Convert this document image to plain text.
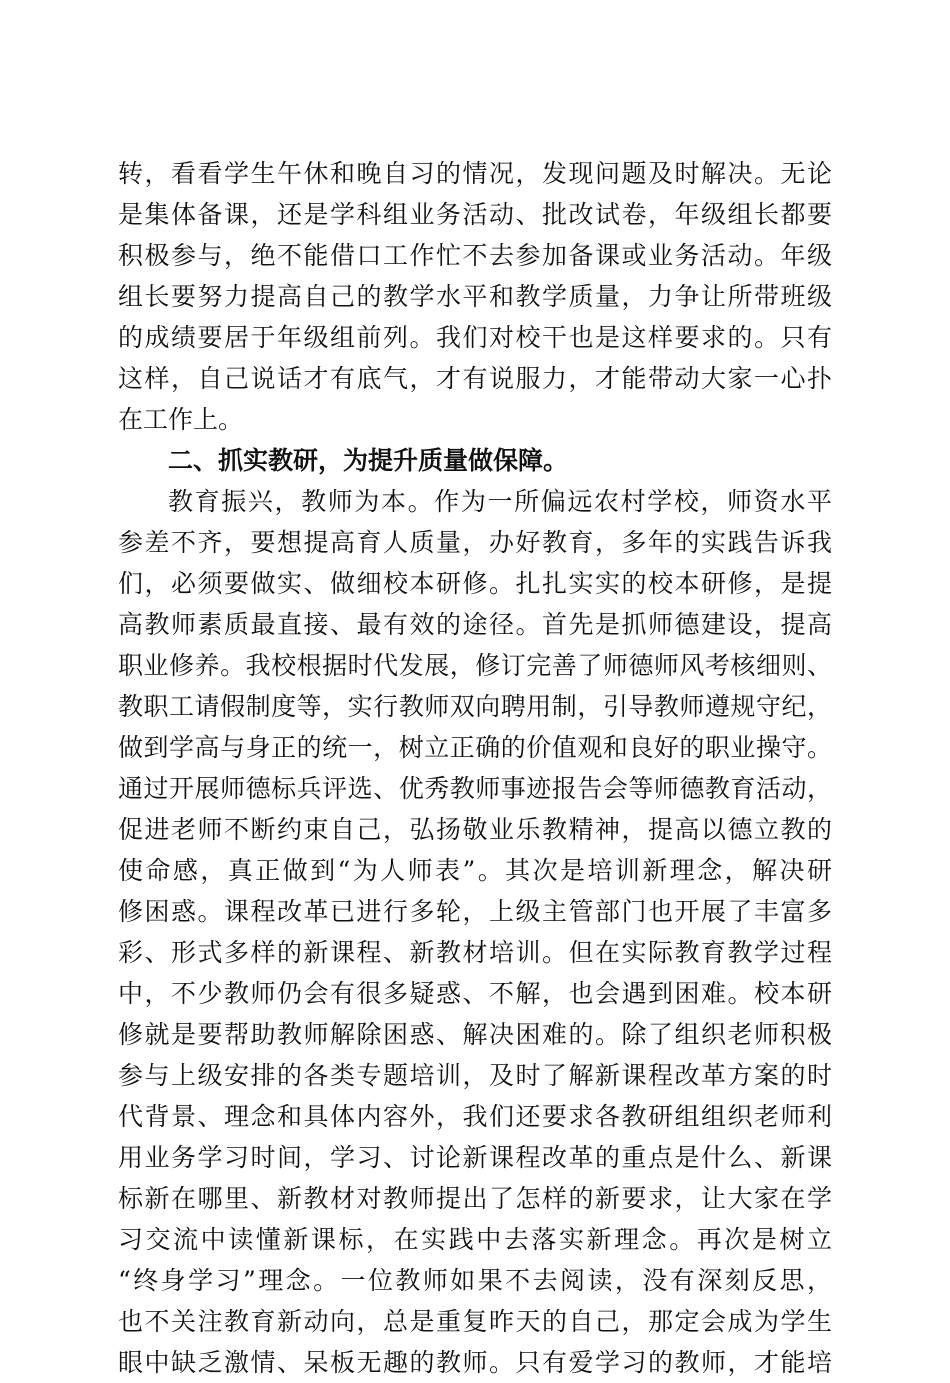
转，看看学生午休和晚自习的情况，发现问题及时解决。无论
是集体备课，还是学科组业务活动、批改试卷，年级组长都要
积极参与，绝不能借口工作忙不去参加备课或业务活动。年级
组长要努力提高自己的教学水平和教学质量，力争让所带班级
的成绩要居于年级组前列。我们对校干也是这样要求的。只有
这样，自己说话才有底气，才有说服力，才能带动大家一心扑
在工作上。
二、抓实教研，为提升质量做保障。
教育振兴，教师为本。作为一所偏远农村学校，师资水平
参差不齐，要想提高育人质量，办好教育，多年的实践告诉我
们，必须要做实、做细校本研修。扎扎实实的校本研修，是提
高教师素质最直接、最有效的途径。首先是抓师德建设，提高
职业修养。我校根据时代发展，修订完善了师德师风考核细则、
教职工请假制度等，实行教师双向聘用制，引导教师遵规守纪，
做到学高与身正的统一，树立正确的价值观和良好的职业操守。
通过开展师德标兵评选、优秀教师事迹报告会等师德教育活动，
促进老师不断约束自己，弘扬敬业乐教精神，提高以德立教的
使命感，真正做到“为人师表”。其次是培训新理念，解决研
修困惑。课程改革已进行多轮，上级主管部门也开展了丰富多
彩、形式多样的新课程、新教材培训。但在实际教育教学过程
中，不少教师仍会有很多疑惑、不解，也会遇到困难。校本研
修就是要帮助教师解除困惑、解决困难的。除了组织老师积极
参与上级安排的各类专题培训，及时了解新课程改革方案的时
代背景、理念和具体内容外，我们还要求各教研组组织老师利
用业务学习时间，学习、讨论新课程改革的重点是什么、新课
标新在哪里、新教材对教师提出了怎样的新要求，让大家在学
习交流中读懂新课标，在实践中去落实新理念。再次是树立
“终身学习”理念。一位教师如果不去阅读，没有深刻反思，
也不关注教育新动向，总是重复昨天的自己，那定会成为学生
眼中缺乏激情、呆板无趣的教师。只有爱学习的教师，才能培
